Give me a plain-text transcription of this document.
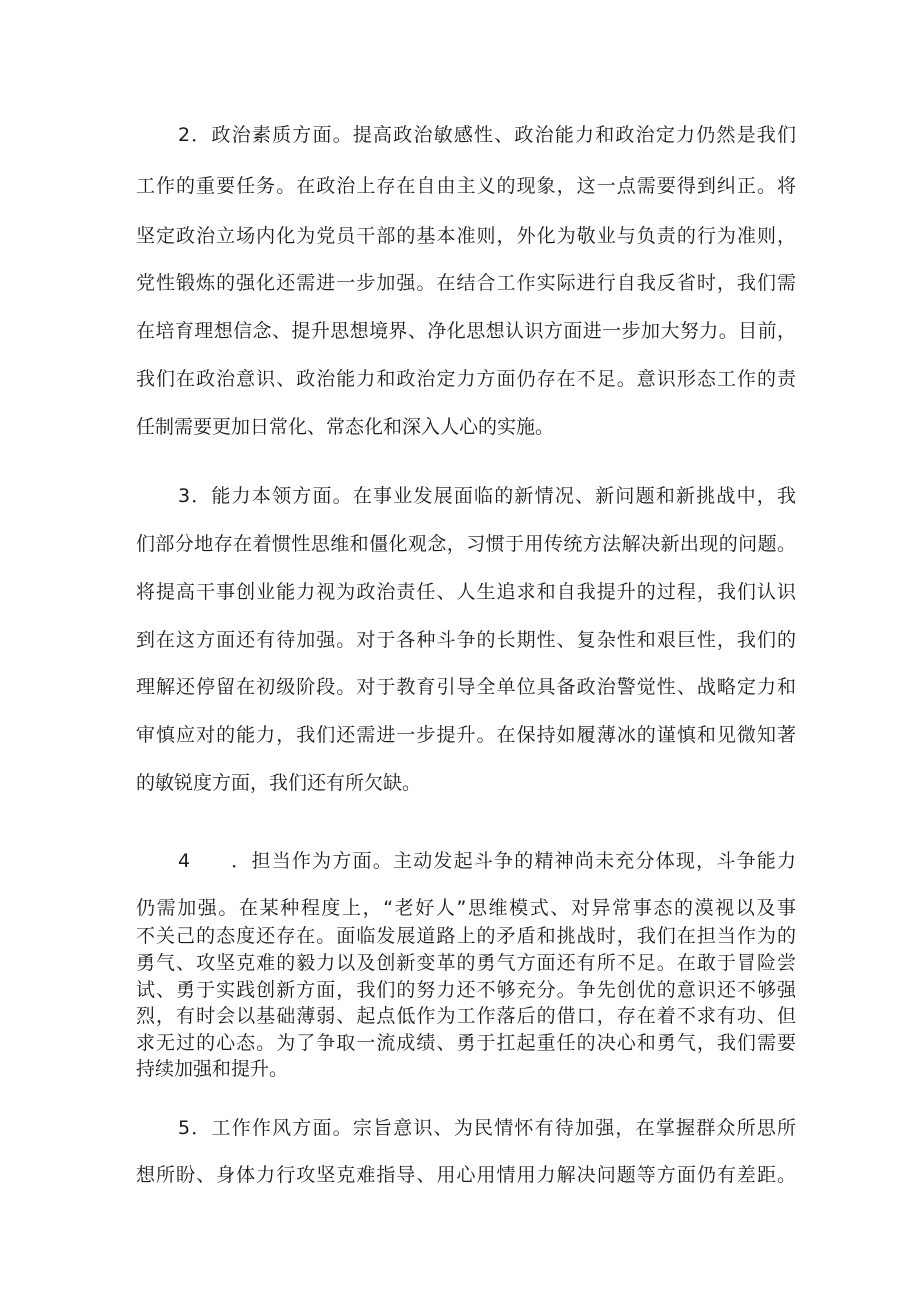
2．政治素质方面。提高政治敏感性、政治能力和政治定力仍然是我们
工作的重要任务。在政治上存在自由主义的现象，这一点需要得到纠正。将
坚定政治立场内化为党员干部的基本准则，外化为敬业与负责的行为准则，
党性锻炼的强化还需进一步加强。在结合工作实际进行自我反省时，我们需
在培育理想信念、提升思想境界、净化思想认识方面进一步加大努力。目前，
我们在政治意识、政治能力和政治定力方面仍存在不足。意识形态工作的责
任制需要更加日常化、常态化和深入人心的实施。
3．能力本领方面。在事业发展面临的新情况、新问题和新挑战中，我
们部分地存在着惯性思维和僵化观念，习惯于用传统方法解决新出现的问题。
将提高干事创业能力视为政治责任、人生追求和自我提升的过程，我们认识
到在这方面还有待加强。对于各种斗争的长期性、复杂性和艰巨性，我们的
理解还停留在初级阶段。对于教育引导全单位具备政治警觉性、战略定力和
审慎应对的能力，我们还需进一步提升。在保持如履薄冰的谨慎和见微知著
的敏锐度方面，我们还有所欠缺。
4 ．担当作为方面。主动发起斗争的精神尚未充分体现，斗争能力
仍需加强。在某种程度上，“老好人”思维模式、对异常事态的漠视以及事
不关己的态度还存在。面临发展道路上的矛盾和挑战时，我们在担当作为的
勇气、攻坚克难的毅力以及创新变革的勇气方面还有所不足。在敢于冒险尝
试、勇于实践创新方面，我们的努力还不够充分。争先创优的意识还不够强
烈，有时会以基础薄弱、起点低作为工作落后的借口，存在着不求有功、但
求无过的心态。为了争取一流成绩、勇于扛起重任的决心和勇气，我们需要
持续加强和提升。
5．工作作风方面。宗旨意识、为民情怀有待加强，在掌握群众所思所
想所盼、身体力行攻坚克难指导、用心用情用力解决问题等方面仍有差距。
